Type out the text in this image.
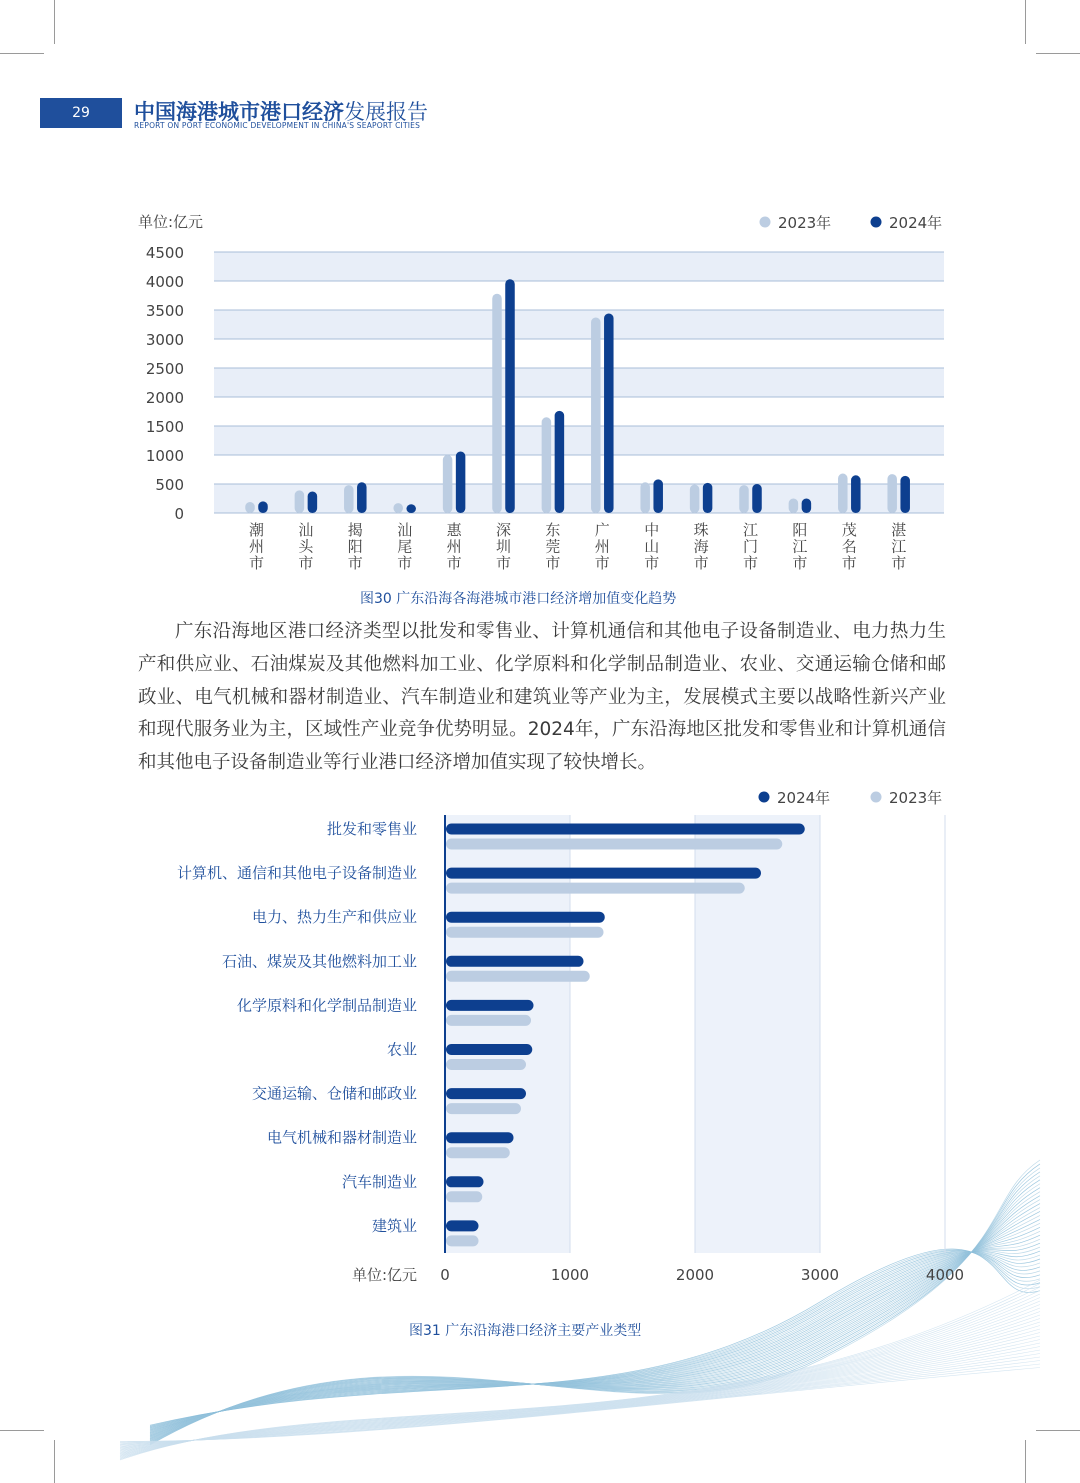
29	中国海港城市港口经济发展报告
REPORT ON PORT ECONOMIC DEVELOPMENT IN CHINA'S SEAPORT CITIES
0
500
1000
1500
2000
2500
3000
3500
4000
4500
单位:亿元	2023年	2024年
潮州市
汕头市
揭阳市
汕尾市
惠州市
深圳市
东莞市
广州市
中山市
珠海市
江门市
阳江市
茂名市
湛江市
图30 广东沿海各海港城市港口经济增加值变化趋势

广东沿海地区港口经济类型以批发和零售业、计算机通信和其他电子设备制造业、电力热力生产和供应业、石油煤炭及其他燃料加工业、化学原料和化学制品制造业、农业、交通运输仓储和邮政业、电气机械和器材制造业、汽车制造业和建筑业等产业为主，发展模式主要以战略性新兴产业和现代服务业为主，区域性产业竞争优势明显。2024年，广东沿海地区批发和零售业和计算机通信和其他电子设备制造业等行业港口经济增加值实现了较快增长。

0	1000	2000	3000	4000
单位:亿元
2024年	2023年
批发和零售业
计算机、通信和其他电子设备制造业
电力、热力生产和供应业
石油、煤炭及其他燃料加工业
化学原料和化学制品制造业
农业
交通运输、仓储和邮政业
电气机械和器材制造业
汽车制造业
建筑业
图31 广东沿海港口经济主要产业类型
